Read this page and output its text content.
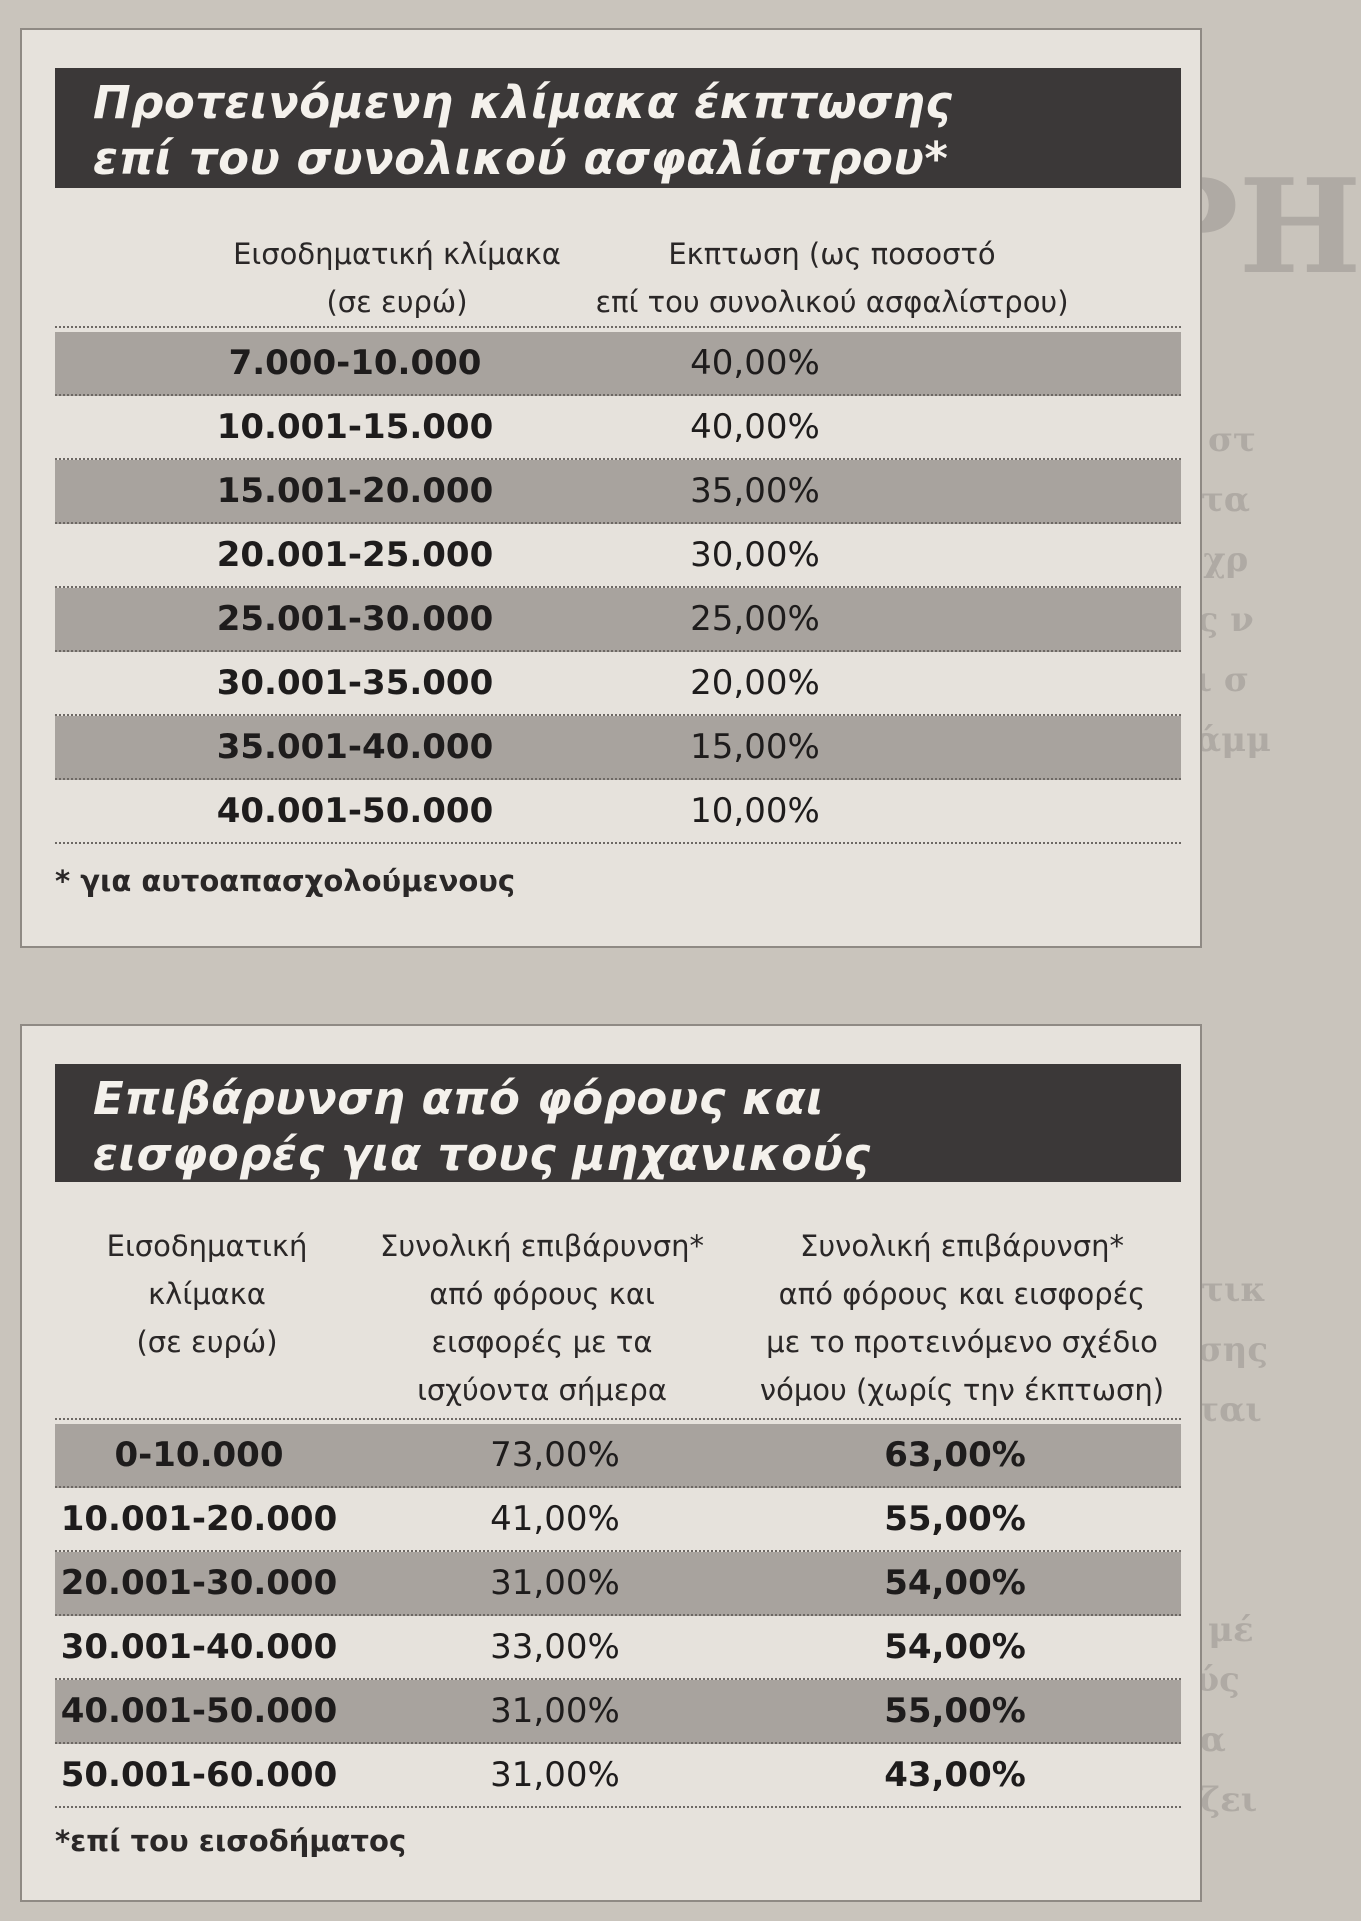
κε στ
χρ
ν
σ
γράμμ
ματικ
τησης
ονται
μέ
λάζει
Προτεινόμενη κλίμακα έκπτωσης
επί του συνολικού ασφαλίστρου*
Εισοδηματική κλίμακα
(σε ευρώ)
Εκπτωση (ως ποσοστό
επί του συνολικού ασφαλίστρου)
7.000-10.000	40,00%
10.001-15.000	40,00%
15.001-20.000	35,00%
20.001-25.000	30,00%
25.001-30.000	25,00%
30.001-35.000	20,00%
35.001-40.000	15,00%
40.001-50.000	10,00%
* για αυτοαπασχολούμενους
Επιβάρυνση από φόρους και
εισφορές για τους μηχανικούς
Εισοδηματική
κλίμακα
(σε ευρώ)
Συνολική επιβάρυνση*
από φόρους και
εισφορές με τα
ισχύοντα σήμερα
Συνολική επιβάρυνση*
από φόρους και εισφορές
με το προτεινόμενο σχέδιο
νόμου (χωρίς την έκπτωση)
0-10.000	73,00%	63,00%
10.001-20.000	41,00%	55,00%
20.001-30.000	31,00%	54,00%
30.001-40.000	33,00%	54,00%
40.001-50.000	31,00%	55,00%
50.001-60.000	31,00%	43,00%
*επί του εισοδήματος
